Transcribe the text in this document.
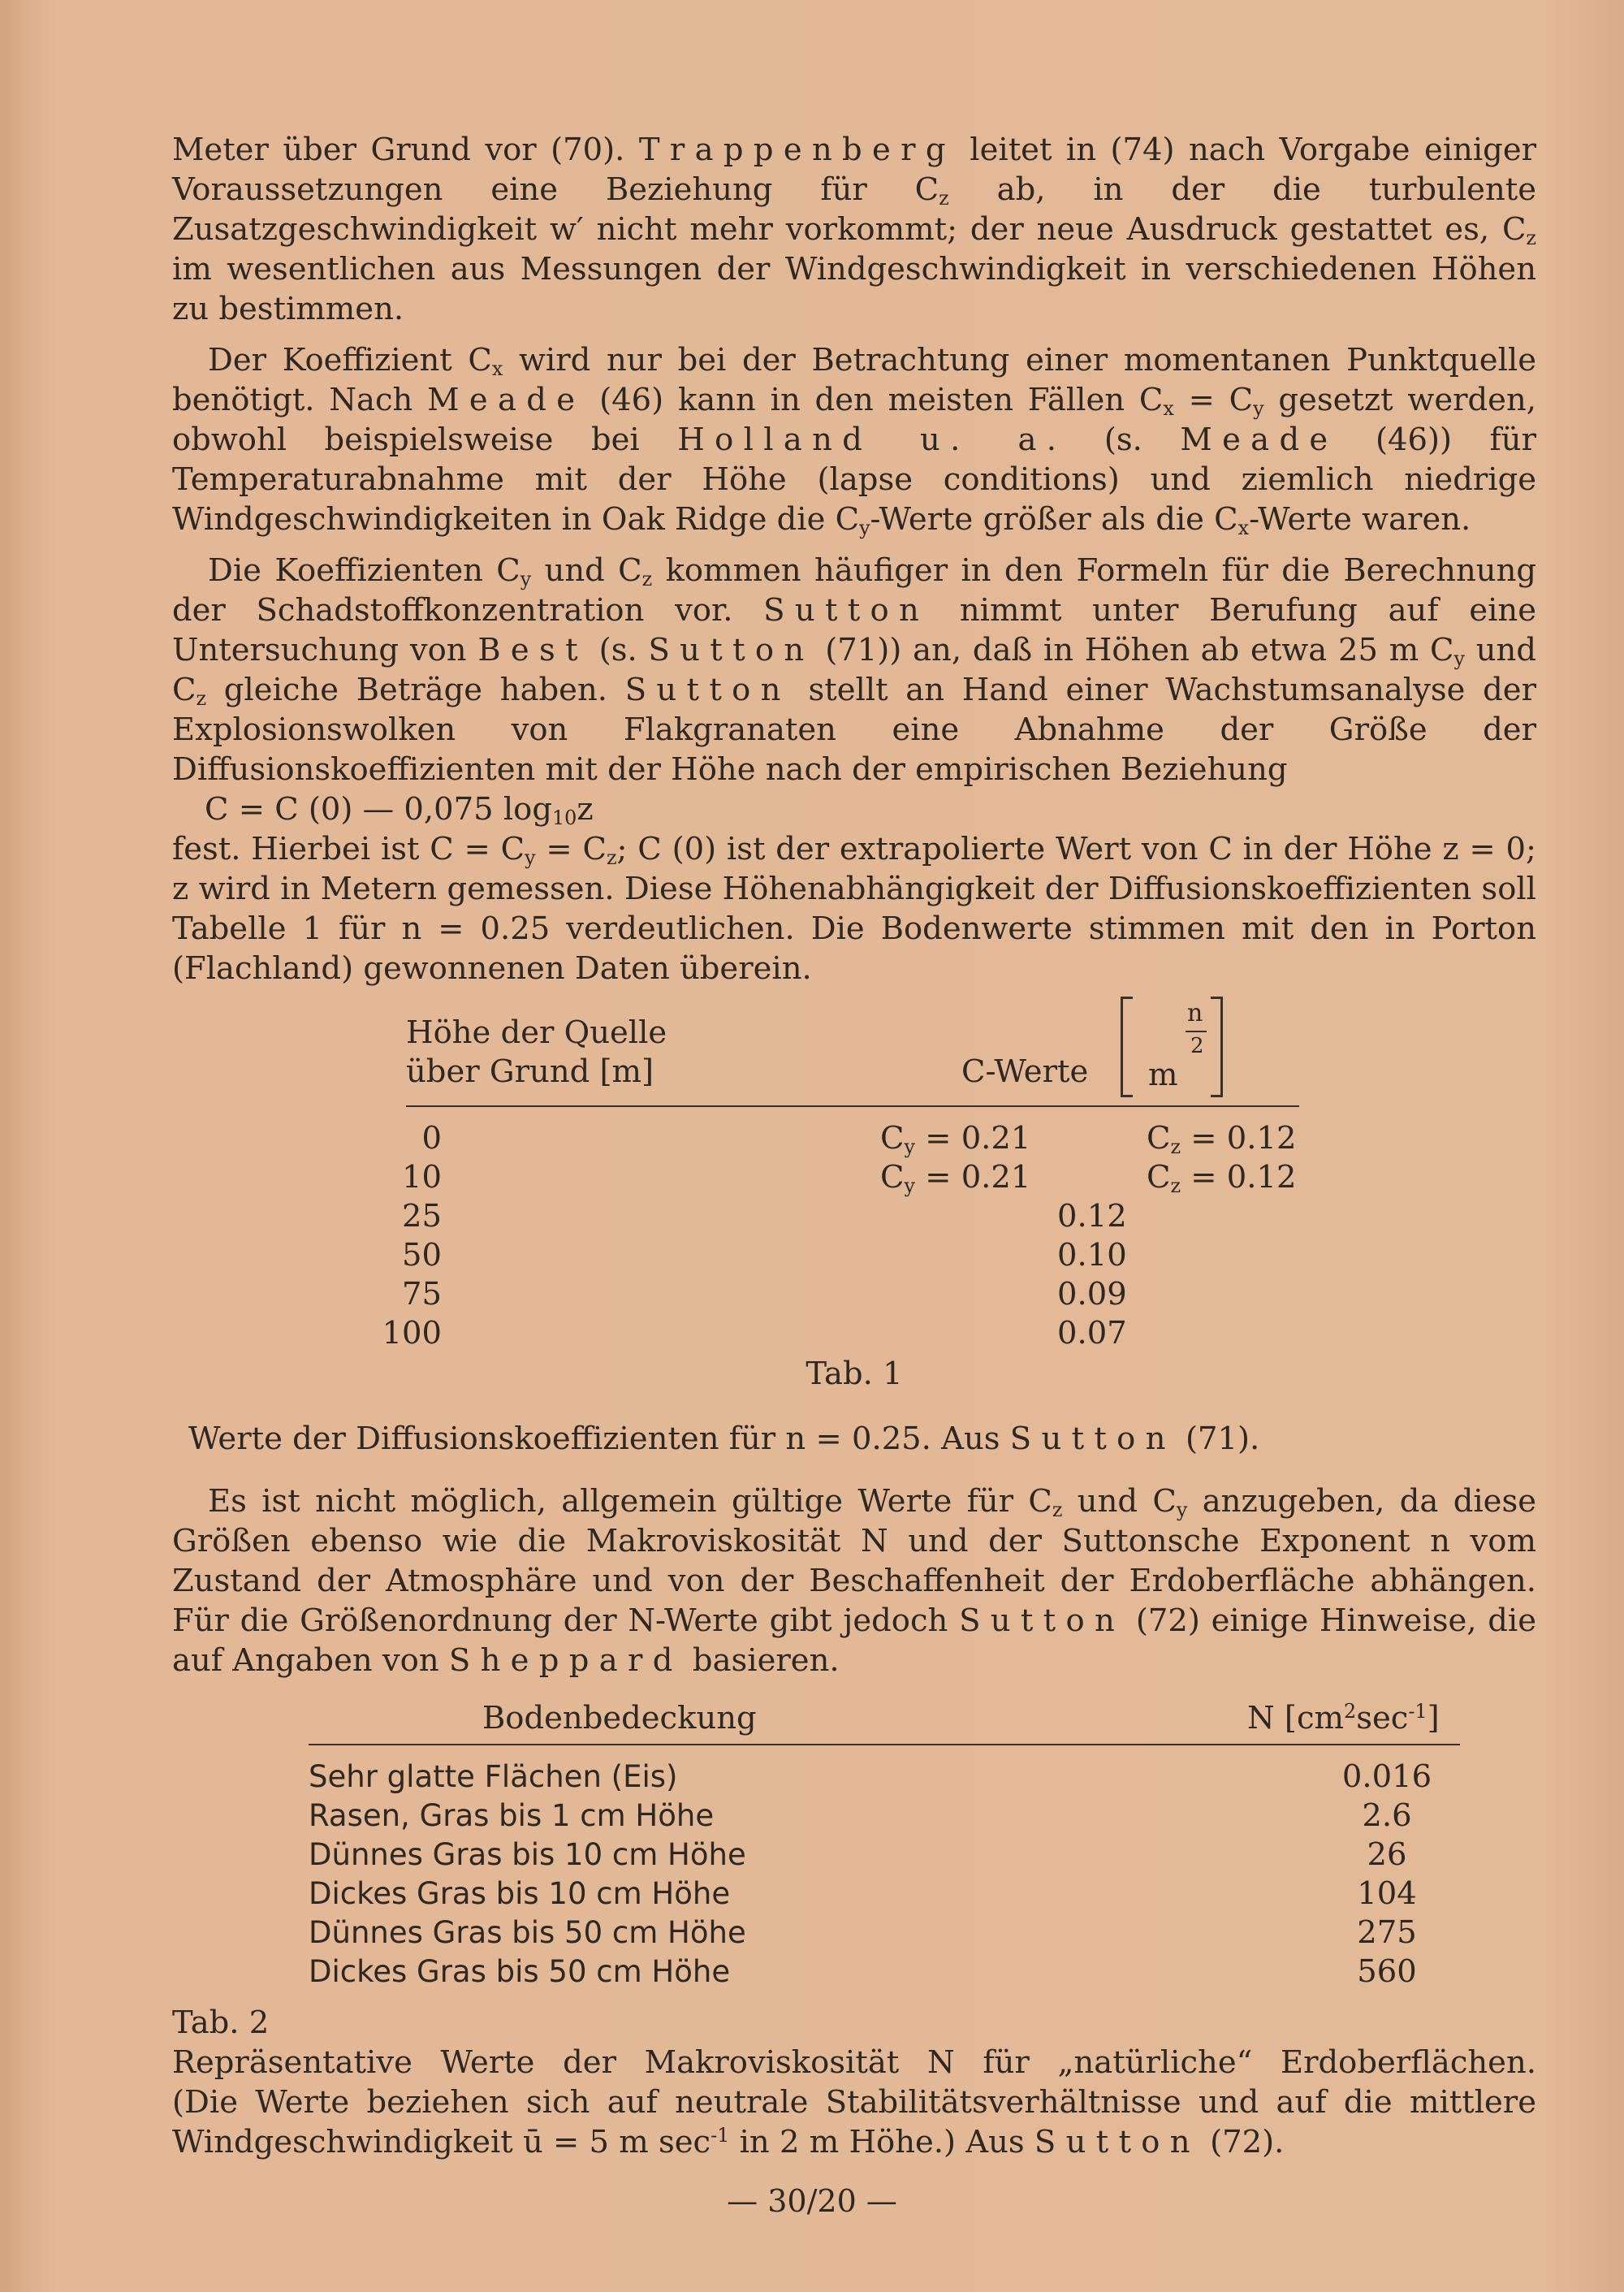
Meter über Grund vor (70). Trappenberg leitet in (74) nach Vorgabe einiger Voraussetzungen eine Beziehung für $C_z$ ab, in der die turbulente Zusatzgeschwindigkeit w′ nicht mehr vorkommt; der neue Ausdruck gestattet es, $C_z$ im wesentlichen aus Messungen der Windgeschwindigkeit in verschiedenen Höhen zu bestimmen.

Der Koeffizient $C_x$ wird nur bei der Betrachtung einer momentanen Punktquelle benötigt. Nach Meade (46) kann in den meisten Fällen $C_x = C_y$ gesetzt werden, obwohl beispielsweise bei Holland u. a. (s. Meade (46)) für Temperaturabnahme mit der Höhe (lapse conditions) und ziemlich niedrige Windgeschwindigkeiten in Oak Ridge die $C_y$-Werte größer als die $C_x$-Werte waren.

Die Koeffizienten $C_y$ und $C_z$ kommen häufiger in den Formeln für die Berechnung der Schadstoffkonzentration vor. Sutton nimmt unter Berufung auf eine Untersuchung von Best (s. Sutton (71)) an, daß in Höhen ab etwa 25 m $C_y$ und $C_z$ gleiche Beträge haben. Sutton stellt an Hand einer Wachstumsanalyse der Explosionswolken von Flakgranaten eine Abnahme der Größe der Diffusionskoeffizienten mit der Höhe nach der empirischen Beziehung

C = C (0) — 0,075 $\log_{10}z$

fest. Hierbei ist $C = C_y = C_z$; C (0) ist der extrapolierte Wert von C in der Höhe z = 0; z wird in Metern gemessen. Diese Höhenabhängigkeit der Diffusionskoeffizienten soll Tabelle 1 für n = 0.25 verdeutlichen. Die Bodenwerte stimmen mit den in Porton (Flachland) gewonnenen Daten überein.

Höhe der Quelle
über Grund [m]	C-Werte
n
2
m
0	$C_y = 0.21$	$C_z = 0.12$
10	$C_y = 0.21$	$C_z = 0.12$
25	0.12
50	0.10
75	0.09
100	0.07
Tab. 1

Werte der Diffusionskoeffizienten für n = 0.25. Aus Sutton (71).

Es ist nicht möglich, allgemein gültige Werte für $C_z$ und $C_y$ anzugeben, da diese Größen ebenso wie die Makroviskosität N und der Suttonsche Exponent n vom Zustand der Atmosphäre und von der Beschaffenheit der Erdoberfläche abhängen. Für die Größenordnung der N-Werte gibt jedoch Sutton (72) einige Hinweise, die auf Angaben von Sheppard basieren.

Bodenbedeckung	N $[cm^2\sec^{-1}]$
Sehr glatte Flächen (Eis)	0.016
Rasen, Gras bis 1 cm Höhe	2.6
Dünnes Gras bis 10 cm Höhe	26
Dickes Gras bis 10 cm Höhe	104
Dünnes Gras bis 50 cm Höhe	275
Dickes Gras bis 50 cm Höhe	560

Tab. 2

Repräsentative Werte der Makroviskosität N für „natürliche“ Erdoberflächen.

(Die Werte beziehen sich auf neutrale Stabilitätsverhältnisse und auf die mittlere

Windgeschwindigkeit ū = 5 m $\sec^{-1}$ in 2 m Höhe.) Aus Sutton (72).

— 30/20 —
